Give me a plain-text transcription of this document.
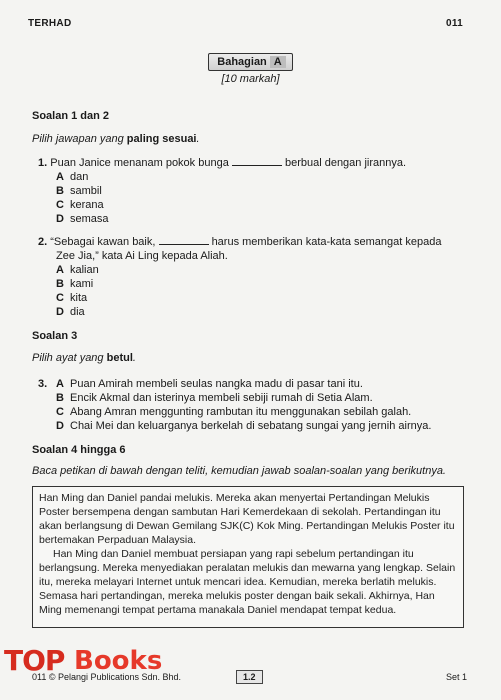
TERHAD	011
Bahagian A
[10 markah]
Soalan 1 dan 2
Pilih jawapan yang paling sesuai.
1. Puan Janice menanam pokok bunga	berbual dengan jirannya.
A dan
B sambil
C kerana
D semasa
2. “Sebagai kawan baik,	harus memberikan kata-kata semangat kepada
Zee Jia,” kata Ai Ling kepada Aliah.
A kalian
B kami
C kita
D dia
Soalan 3
Pilih ayat yang betul.
3. A Puan Amirah membeli seulas nangka madu di pasar tani itu.
B Encik Akmal dan isterinya membeli sebiji rumah di Setia Alam.
C Abang Amran menggunting rambutan itu menggunakan sebilah galah.
D Chai Mei dan keluarganya berkelah di sebatang sungai yang jernih airnya.
Soalan 4 hingga 6
Baca petikan di bawah dengan teliti, kemudian jawab soalan-soalan yang berikutnya.

Han Ming dan Daniel pandai melukis. Mereka akan menyertai Pertandingan Melukis Poster bersempena dengan sambutan Hari Kemerdekaan di sekolah. Pertandingan itu akan berlangsung di Dewan Gemilang SJK(C) Kok Ming. Pertandingan Melukis Poster itu bertemakan Perpaduan Malaysia.

Han Ming dan Daniel membuat persiapan yang rapi sebelum pertandingan itu berlangsung. Mereka menyediakan peralatan melukis dan mewarna yang lengkap. Selain itu, mereka melayari Internet untuk mencari idea. Kemudian, mereka berlatih melukis. Semasa hari pertandingan, mereka melukis poster dengan baik sekali. Akhirnya, Han Ming memenangi tempat pertama manakala Daniel mendapat tempat kedua.

TOP Books
011 © Pelangi Publications Sdn. Bhd.	1.2	Set 1
